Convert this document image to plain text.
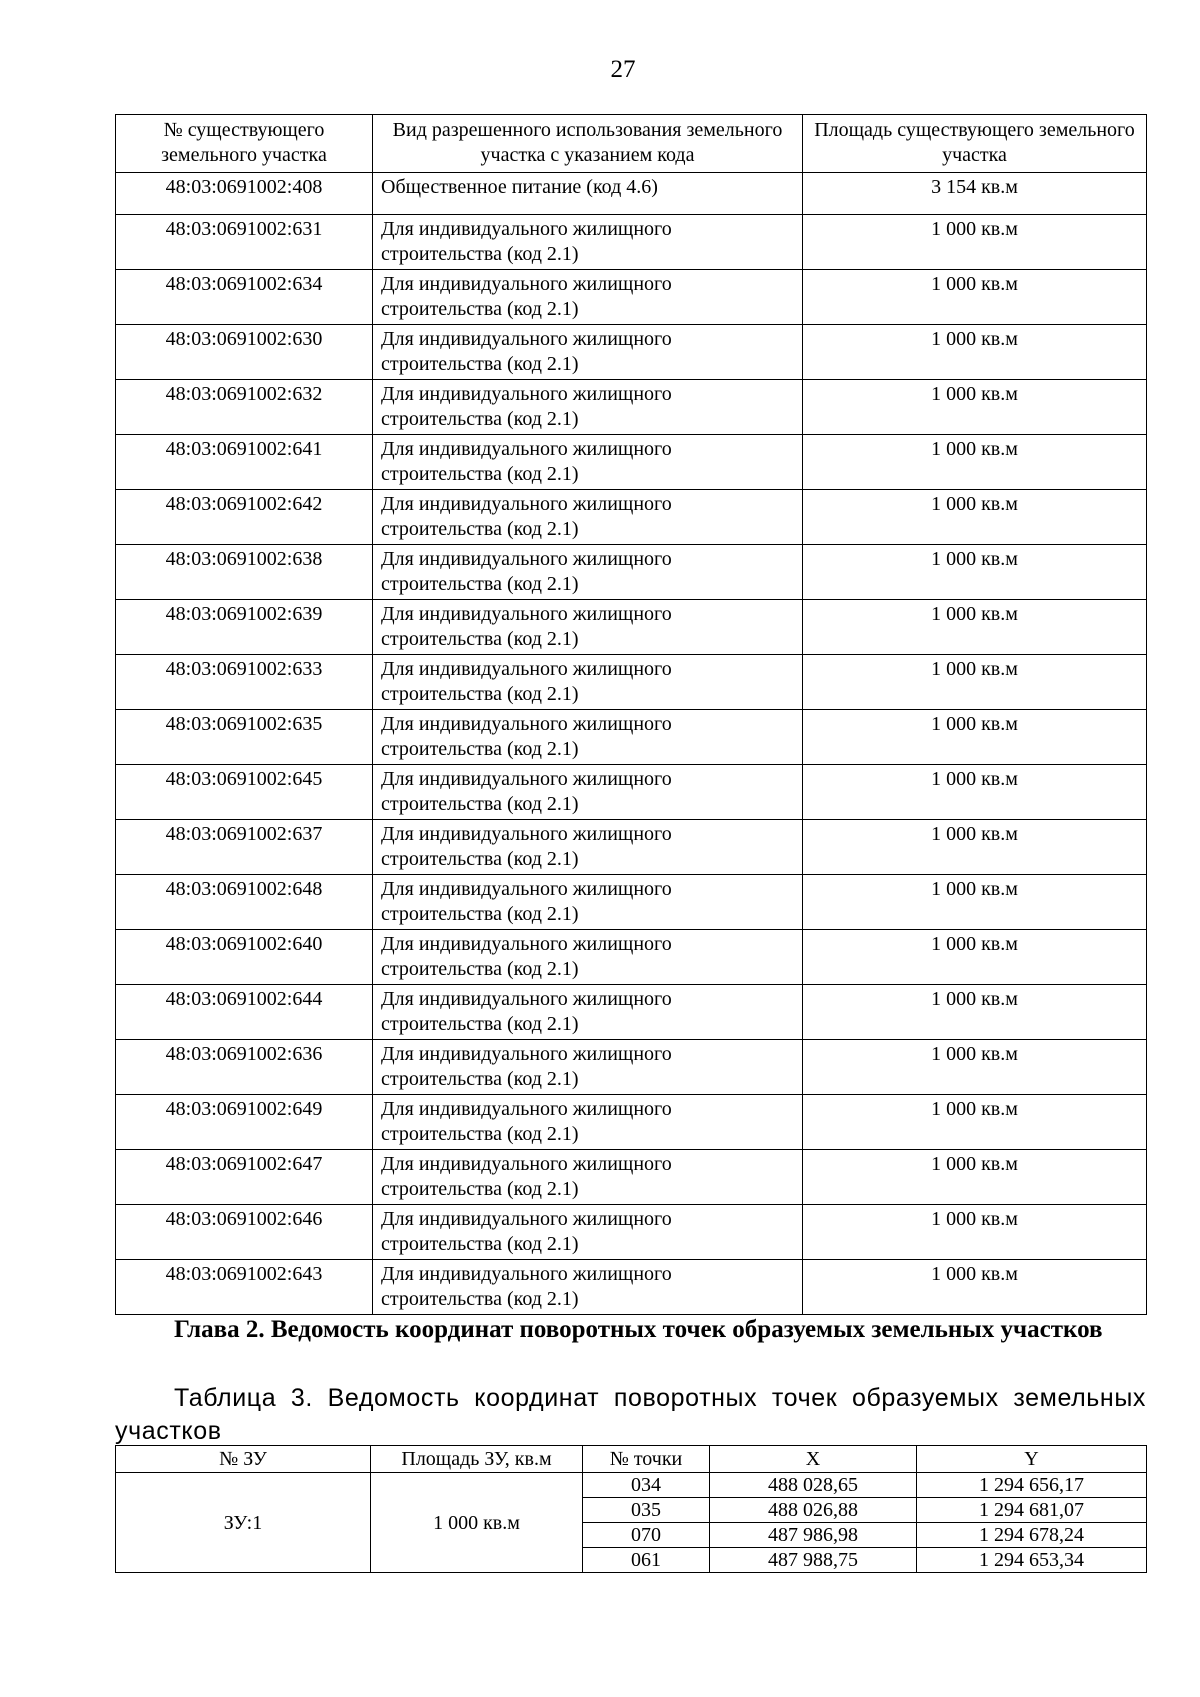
27
№ существующего земельного участка	Вид разрешенного использования земельного участка с указанием кода	Площадь существующего земельного участка
48:03:0691002:408	Общественное питание (код 4.6)	3 154 кв.м
48:03:0691002:631	Для индивидуального жилищного строительства (код 2.1)	1 000 кв.м
48:03:0691002:634	Для индивидуального жилищного строительства (код 2.1)	1 000 кв.м
48:03:0691002:630	Для индивидуального жилищного строительства (код 2.1)	1 000 кв.м
48:03:0691002:632	Для индивидуального жилищного строительства (код 2.1)	1 000 кв.м
48:03:0691002:641	Для индивидуального жилищного строительства (код 2.1)	1 000 кв.м
48:03:0691002:642	Для индивидуального жилищного строительства (код 2.1)	1 000 кв.м
48:03:0691002:638	Для индивидуального жилищного строительства (код 2.1)	1 000 кв.м
48:03:0691002:639	Для индивидуального жилищного строительства (код 2.1)	1 000 кв.м
48:03:0691002:633	Для индивидуального жилищного строительства (код 2.1)	1 000 кв.м
48:03:0691002:635	Для индивидуального жилищного строительства (код 2.1)	1 000 кв.м
48:03:0691002:645	Для индивидуального жилищного строительства (код 2.1)	1 000 кв.м
48:03:0691002:637	Для индивидуального жилищного строительства (код 2.1)	1 000 кв.м
48:03:0691002:648	Для индивидуального жилищного строительства (код 2.1)	1 000 кв.м
48:03:0691002:640	Для индивидуального жилищного строительства (код 2.1)	1 000 кв.м
48:03:0691002:644	Для индивидуального жилищного строительства (код 2.1)	1 000 кв.м
48:03:0691002:636	Для индивидуального жилищного строительства (код 2.1)	1 000 кв.м
48:03:0691002:649	Для индивидуального жилищного строительства (код 2.1)	1 000 кв.м
48:03:0691002:647	Для индивидуального жилищного строительства (код 2.1)	1 000 кв.м
48:03:0691002:646	Для индивидуального жилищного строительства (код 2.1)	1 000 кв.м
48:03:0691002:643	Для индивидуального жилищного строительства (код 2.1)	1 000 кв.м
Глава 2. Ведомость координат поворотных точек образуемых земельных участков
Таблица 3. Ведомость координат поворотных точек образуемых земельных участков
№ ЗУ	Площадь ЗУ, кв.м	№ точки	X	Y
ЗУ:1	1 000 кв.м	034	488 028,65	1 294 656,17
		035	488 026,88	1 294 681,07
		070	487 986,98	1 294 678,24
		061	487 988,75	1 294 653,34
